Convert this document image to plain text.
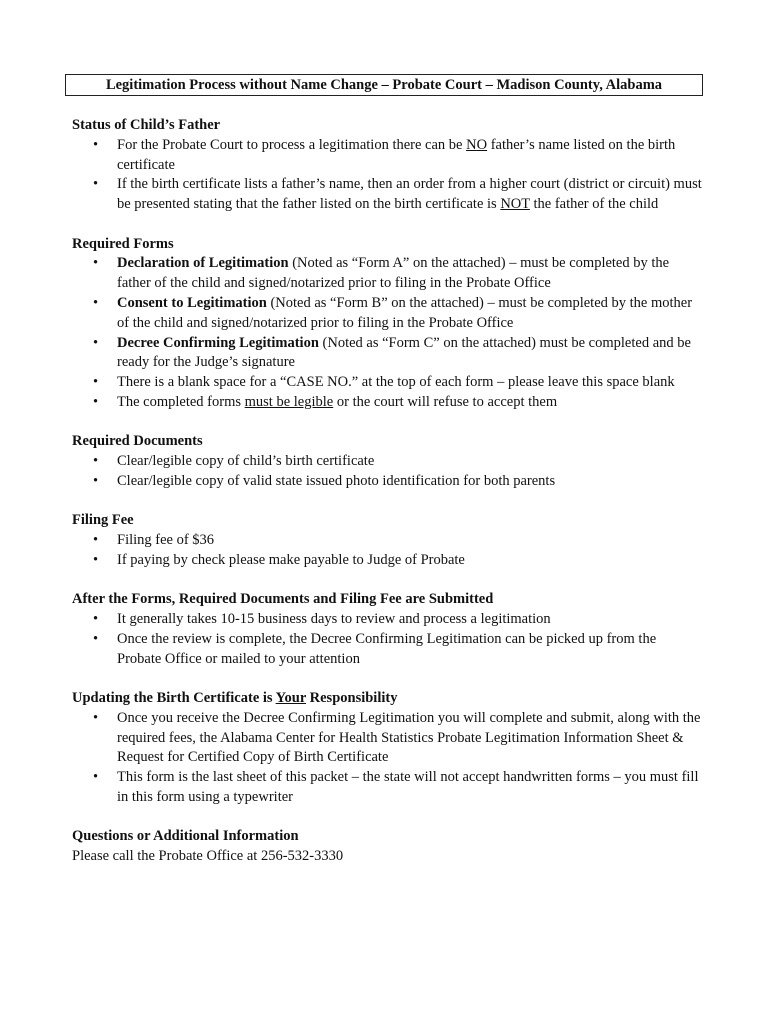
Legitimation Process without Name Change – Probate Court – Madison County, Alabama

Status of Child’s Father

• For the Probate Court to process a legitimation there can be NO father’s name listed on the birth certificate
• If the birth certificate lists a father’s name, then an order from a higher court (district or circuit) must be presented stating that the father listed on the birth certificate is NOT the father of the child

Required Forms

• Declaration of Legitimation (Noted as “Form A” on the attached) – must be completed by the father of the child and signed/notarized prior to filing in the Probate Office
• Consent to Legitimation (Noted as “Form B” on the attached) – must be completed by the mother of the child and signed/notarized prior to filing in the Probate Office
• Decree Confirming Legitimation (Noted as “Form C” on the attached) must be completed and be ready for the Judge’s signature
• There is a blank space for a “CASE NO.” at the top of each form – please leave this space blank
• The completed forms must be legible or the court will refuse to accept them

Required Documents

• Clear/legible copy of child’s birth certificate
• Clear/legible copy of valid state issued photo identification for both parents

Filing Fee

• Filing fee of $36
• If paying by check please make payable to Judge of Probate

After the Forms, Required Documents and Filing Fee are Submitted

• It generally takes 10-15 business days to review and process a legitimation
• Once the review is complete, the Decree Confirming Legitimation can be picked up from the Probate Office or mailed to your attention

Updating the Birth Certificate is Your Responsibility

• Once you receive the Decree Confirming Legitimation you will complete and submit, along with the required fees, the Alabama Center for Health Statistics Probate Legitimation Information Sheet & Request for Certified Copy of Birth Certificate
• This form is the last sheet of this packet – the state will not accept handwritten forms – you must fill in this form using a typewriter

Questions or Additional Information

Please call the Probate Office at 256-532-3330
